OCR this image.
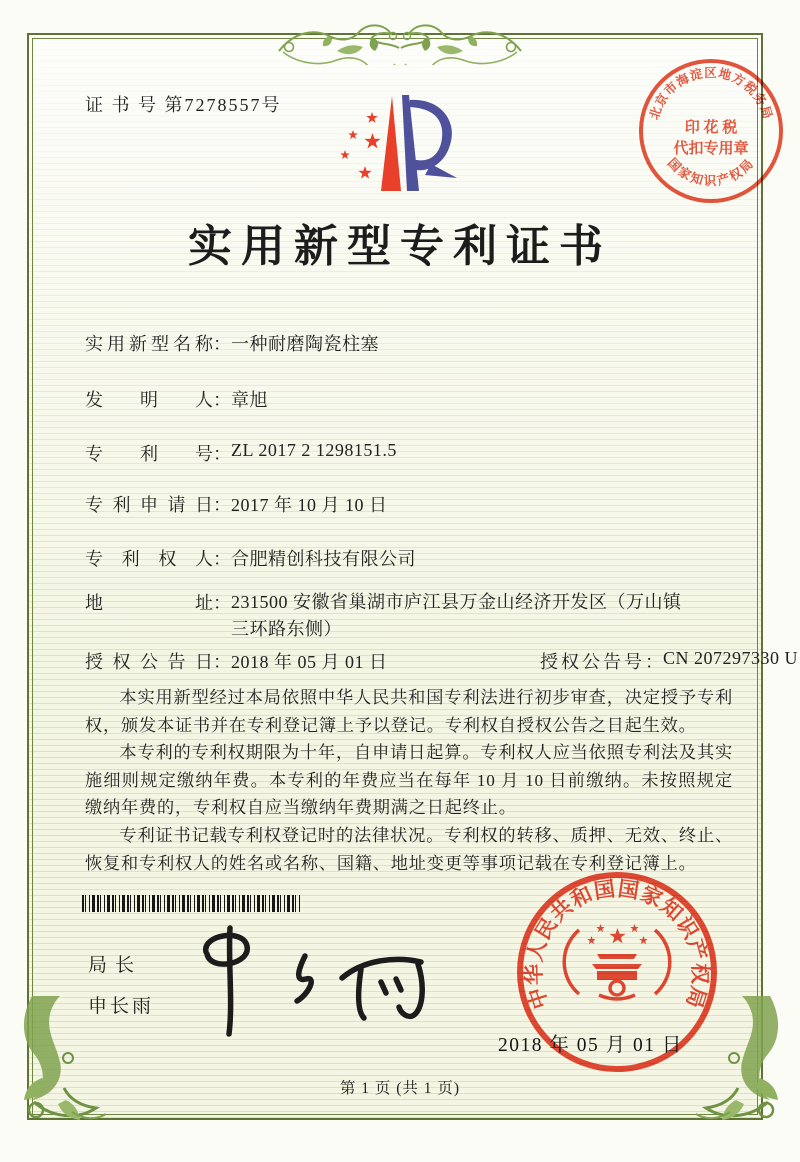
证 书 号 第7278557号	北京市海淀区地方税务局
国家知识产权局
印 花 税
代扣专用章
实用新型专利证书
实用新型名称：一种耐磨陶瓷柱塞
发明人：章旭
专利号：ZL 2017 2 1298151.5
专利申请日：2017 年 10 月 10 日
专利权人：合肥精创科技有限公司
地址：231500 安徽省巢湖市庐江县万金山经济开发区（万山镇
三环路东侧）
授权公告日：2018 年 05 月 01 日	授权公告号：CN 207297330 U

本实用新型经过本局依照中华人民共和国专利法进行初步审查，决定授予专利权，颁发本证书并在专利登记簿上予以登记。专利权自授权公告之日起生效。

本专利的专利权期限为十年，自申请日起算。专利权人应当依照专利法及其实施细则规定缴纳年费。本专利的年费应当在每年 10 月 10 日前缴纳。未按照规定缴纳年费的，专利权自应当缴纳年费期满之日起终止。

专利证书记载专利权登记时的法律状况。专利权的转移、质押、无效、终止、恢复和专利权人的姓名或名称、国籍、地址变更等事项记载在专利登记簿上。

局长
申长雨	中华人民共和国国家知识产权局
2018 年 05 月 01 日
第 1 页 (共 1 页)
